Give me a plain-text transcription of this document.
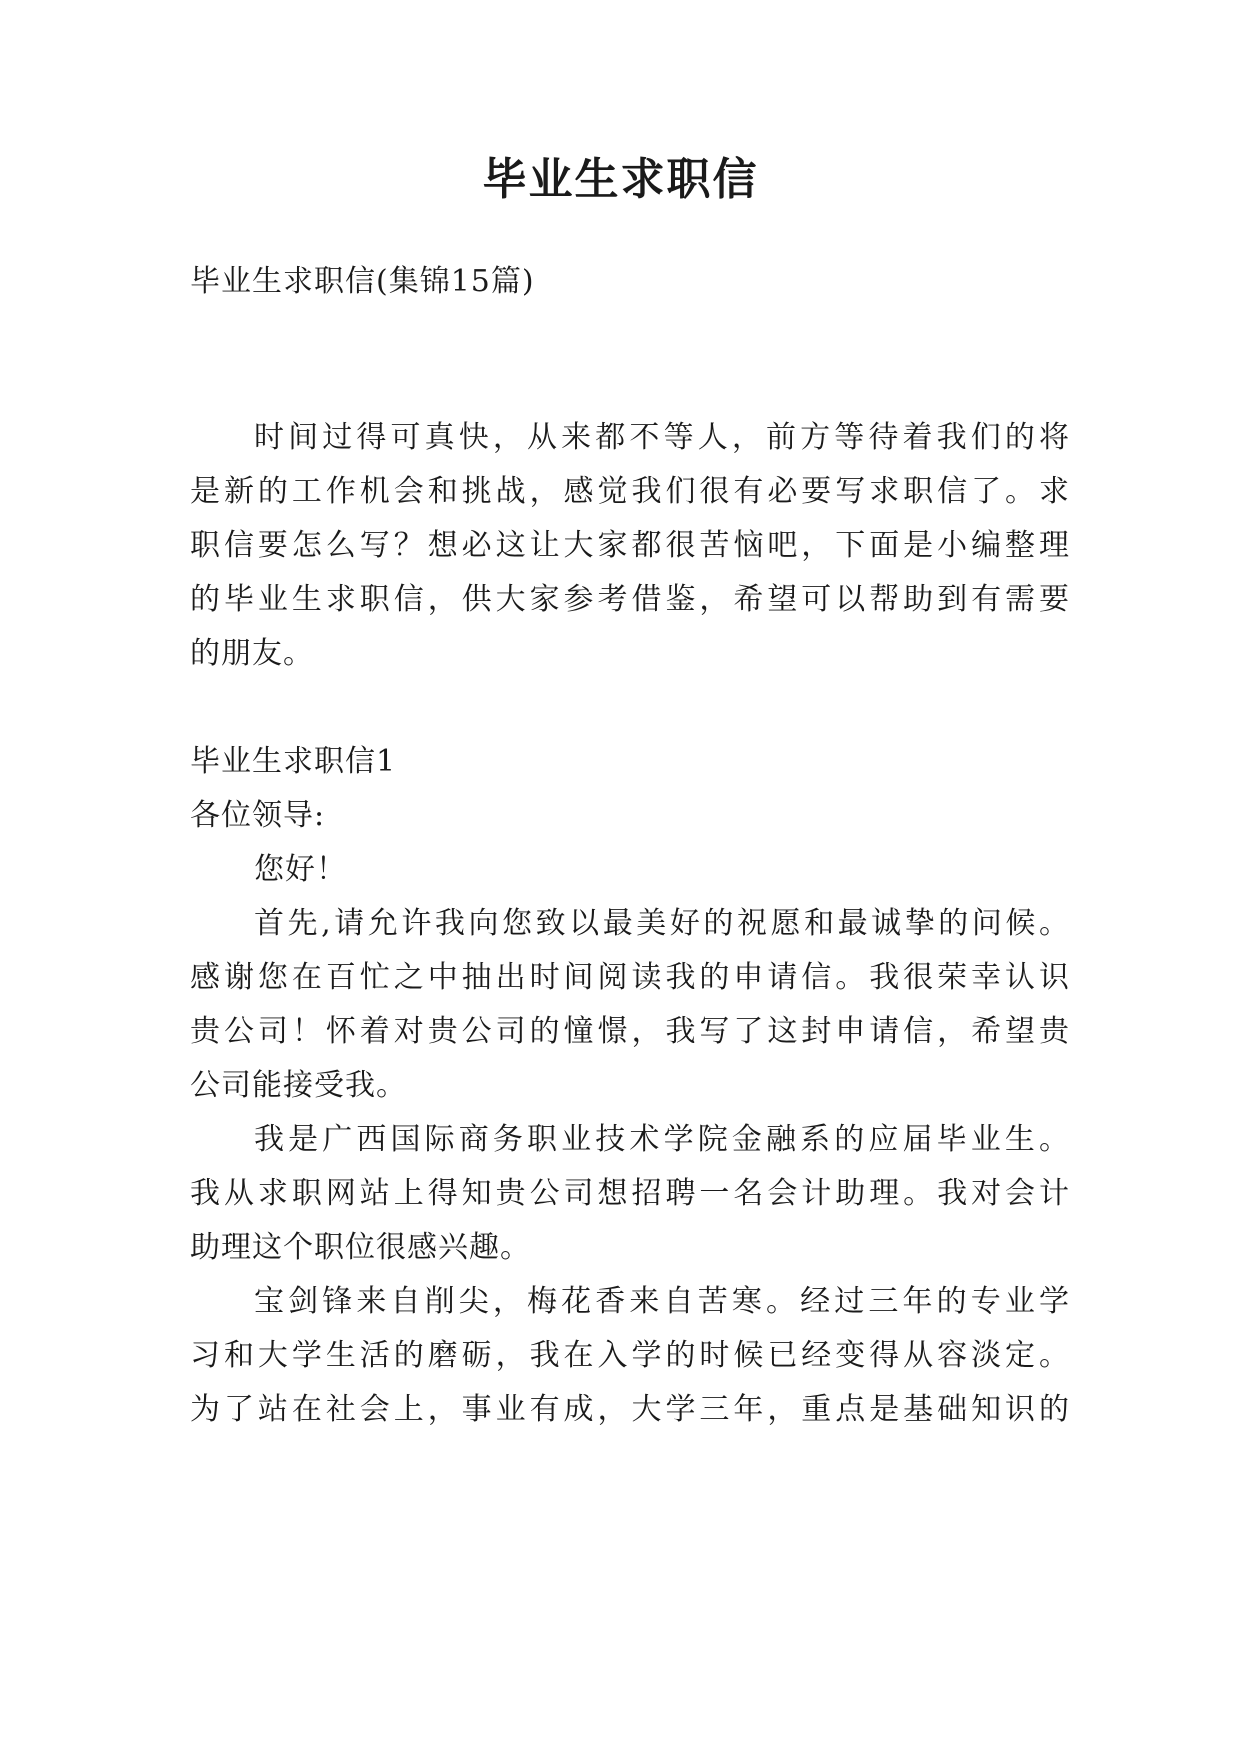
毕业生求职信

毕业生求职信(集锦15篇)

时间过得可真快，从来都不等人，前方等待着我们的将

是新的工作机会和挑战，感觉我们很有必要写求职信了。求

职信要怎么写？想必这让大家都很苦恼吧，下面是小编整理

的毕业生求职信，供大家参考借鉴，希望可以帮助到有需要

的朋友。

毕业生求职信1

各位领导:

您好！

首先,请允许我向您致以最美好的祝愿和最诚挚的问候。

感谢您在百忙之中抽出时间阅读我的申请信。我很荣幸认识

贵公司！怀着对贵公司的憧憬，我写了这封申请信，希望贵

公司能接受我。

我是广西国际商务职业技术学院金融系的应届毕业生。

我从求职网站上得知贵公司想招聘一名会计助理。我对会计

助理这个职位很感兴趣。

宝剑锋来自削尖，梅花香来自苦寒。经过三年的专业学

习和大学生活的磨砺，我在入学的时候已经变得从容淡定。

为了站在社会上，事业有成，大学三年，重点是基础知识的
